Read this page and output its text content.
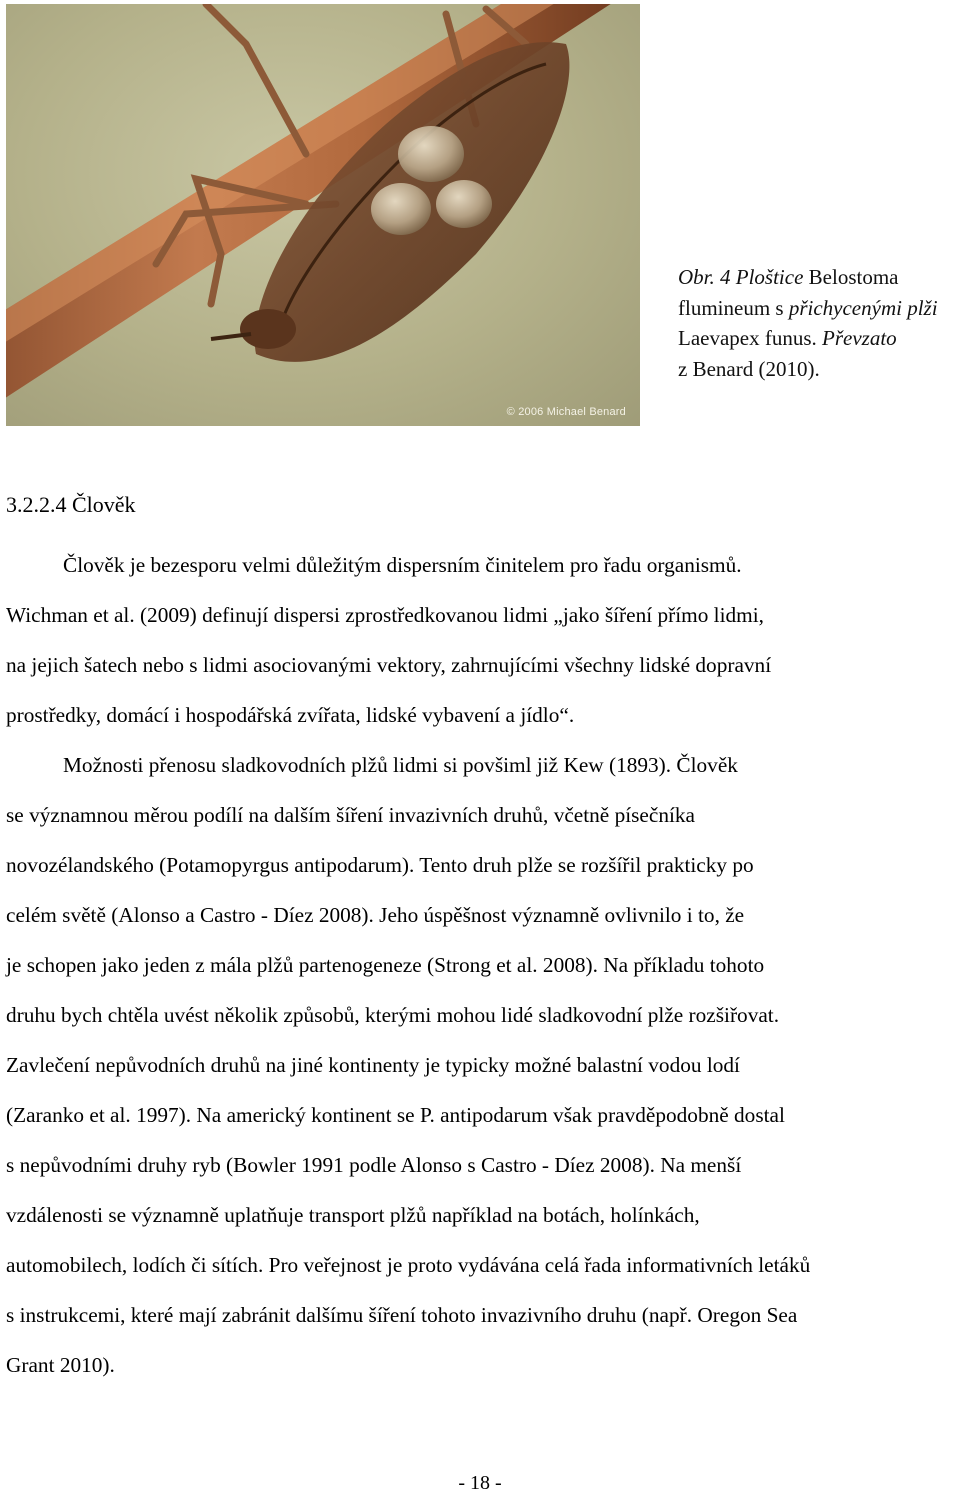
© 2006 Michael Benard
Obr. 4 Ploštice Belostoma
flumineum s přichycenými plži
Laevapex funus. Převzato
z Benard (2010).
3.2.2.4 Člověk
Člověk je bezesporu velmi důležitým dispersním činitelem pro řadu organismů.
Wichman et al. (2009) definují dispersi zprostředkovanou lidmi „jako šíření přímo lidmi,
na jejich šatech nebo s lidmi asociovanými vektory, zahrnujícími všechny lidské dopravní
prostředky, domácí i hospodářská zvířata, lidské vybavení a jídlo“.
Možnosti přenosu sladkovodních plžů lidmi si povšiml již Kew (1893). Člověk
se významnou měrou podílí na dalším šíření invazivních druhů, včetně písečníka
novozélandského (Potamopyrgus antipodarum). Tento druh plže se rozšířil prakticky po
celém světě (Alonso a Castro - Díez 2008). Jeho úspěšnost významně ovlivnilo i to, že
je schopen jako jeden z mála plžů partenogeneze (Strong et al. 2008). Na příkladu tohoto
druhu bych chtěla uvést několik způsobů, kterými mohou lidé sladkovodní plže rozšiřovat.
Zavlečení nepůvodních druhů na jiné kontinenty je typicky možné balastní vodou lodí
(Zaranko et al. 1997). Na americký kontinent se P. antipodarum však pravděpodobně dostal
s nepůvodními druhy ryb (Bowler 1991 podle Alonso s Castro - Díez 2008). Na menší
vzdálenosti se významně uplatňuje transport plžů například na botách, holínkách,
automobilech, lodích či sítích. Pro veřejnost je proto vydávána celá řada informativních letáků
s instrukcemi, které mají zabránit dalšímu šíření tohoto invazivního druhu (např. Oregon Sea
Grant 2010).
- 18 -
